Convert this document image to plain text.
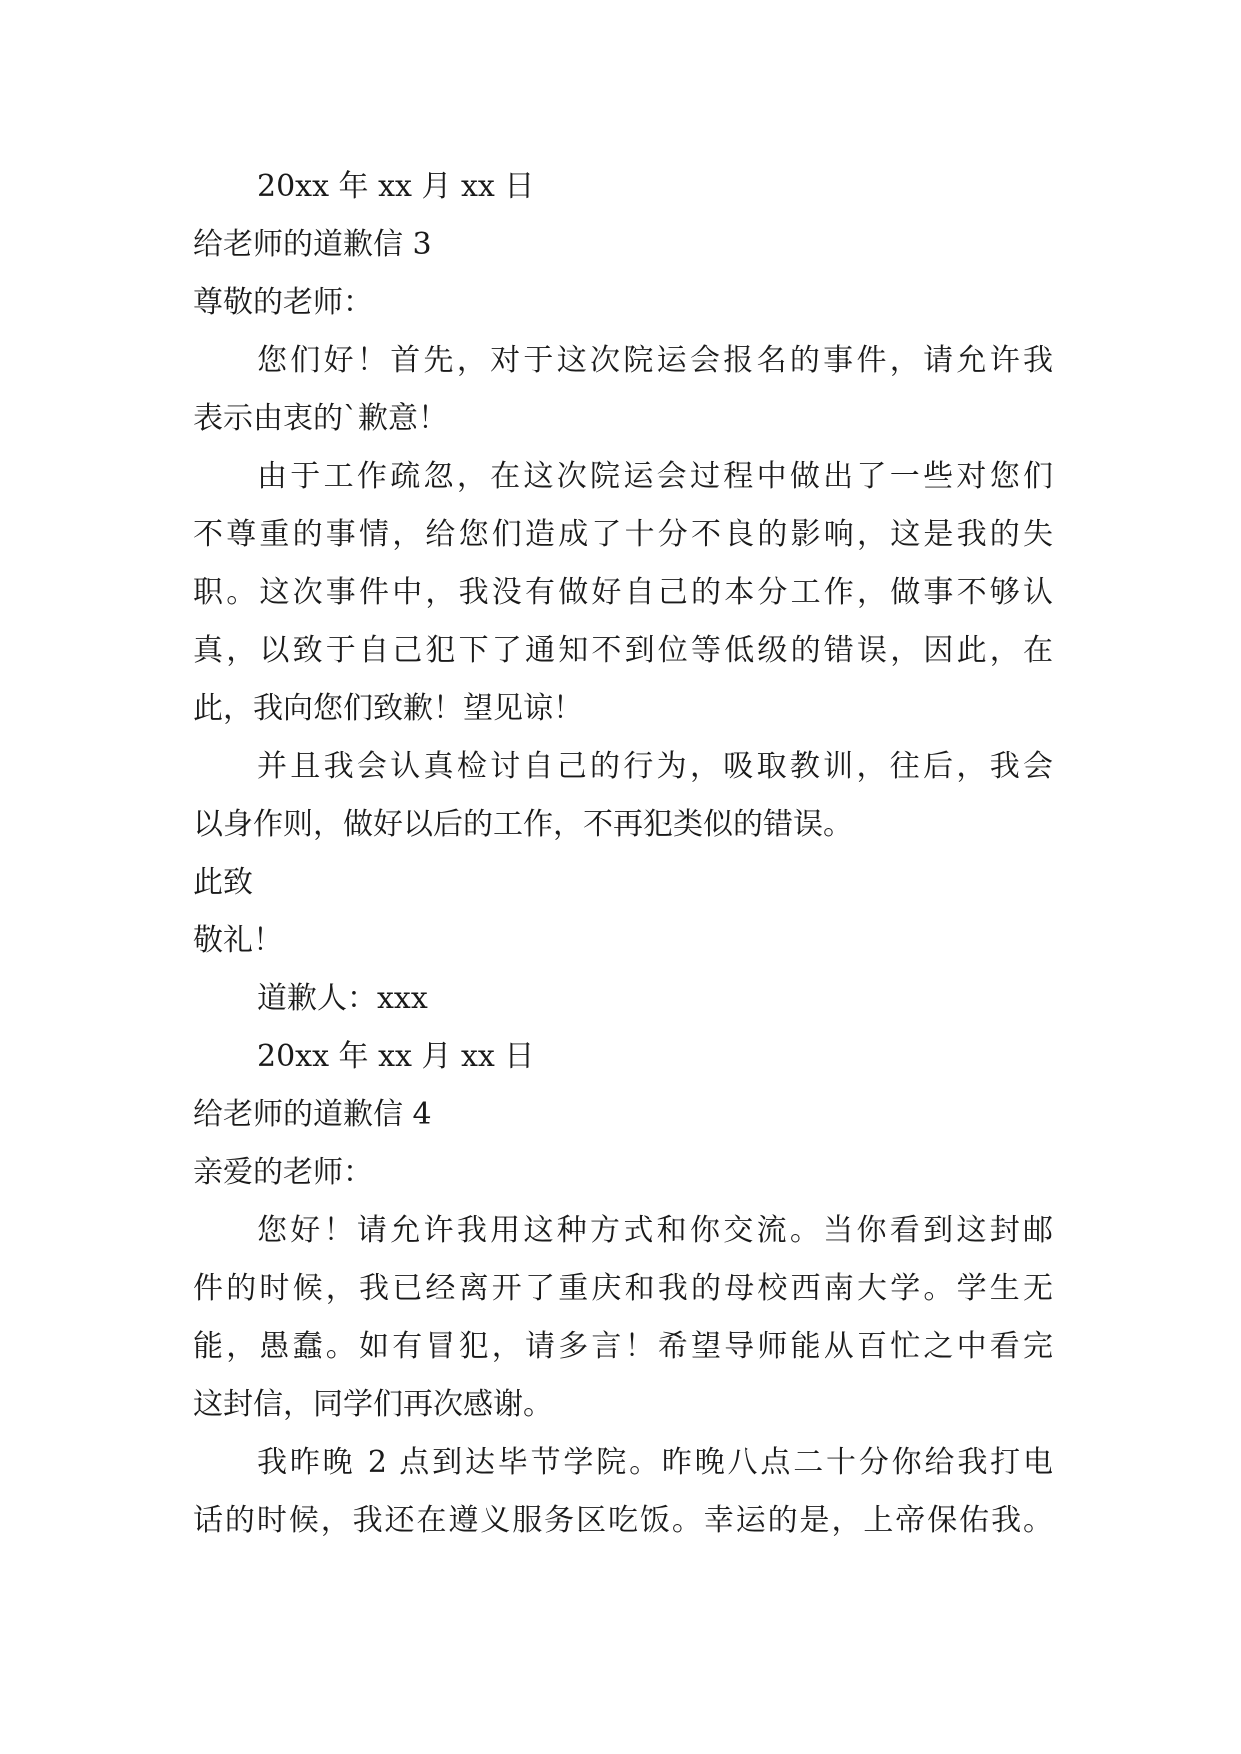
20xx 年 xx 月 xx 日
给老师的道歉信 3
尊敬的老师：
您们好！首先，对于这次院运会报名的事件，请允许我
表示由衷的`歉意！
由于工作疏忽，在这次院运会过程中做出了一些对您们
不尊重的事情，给您们造成了十分不良的影响，这是我的失
职。这次事件中，我没有做好自己的本分工作，做事不够认
真，以致于自己犯下了通知不到位等低级的错误，因此，在
此，我向您们致歉！望见谅！
并且我会认真检讨自己的行为，吸取教训，往后，我会
以身作则，做好以后的工作，不再犯类似的错误。
此致
敬礼！
道歉人：xxx
20xx 年 xx 月 xx 日
给老师的道歉信 4
亲爱的老师：
您好！请允许我用这种方式和你交流。当你看到这封邮
件的时候，我已经离开了重庆和我的母校西南大学。学生无
能，愚蠢。如有冒犯，请多言！希望导师能从百忙之中看完
这封信，同学们再次感谢。
我昨晚 2 点到达毕节学院。昨晚八点二十分你给我打电
话的时候，我还在遵义服务区吃饭。幸运的是，上帝保佑我。
